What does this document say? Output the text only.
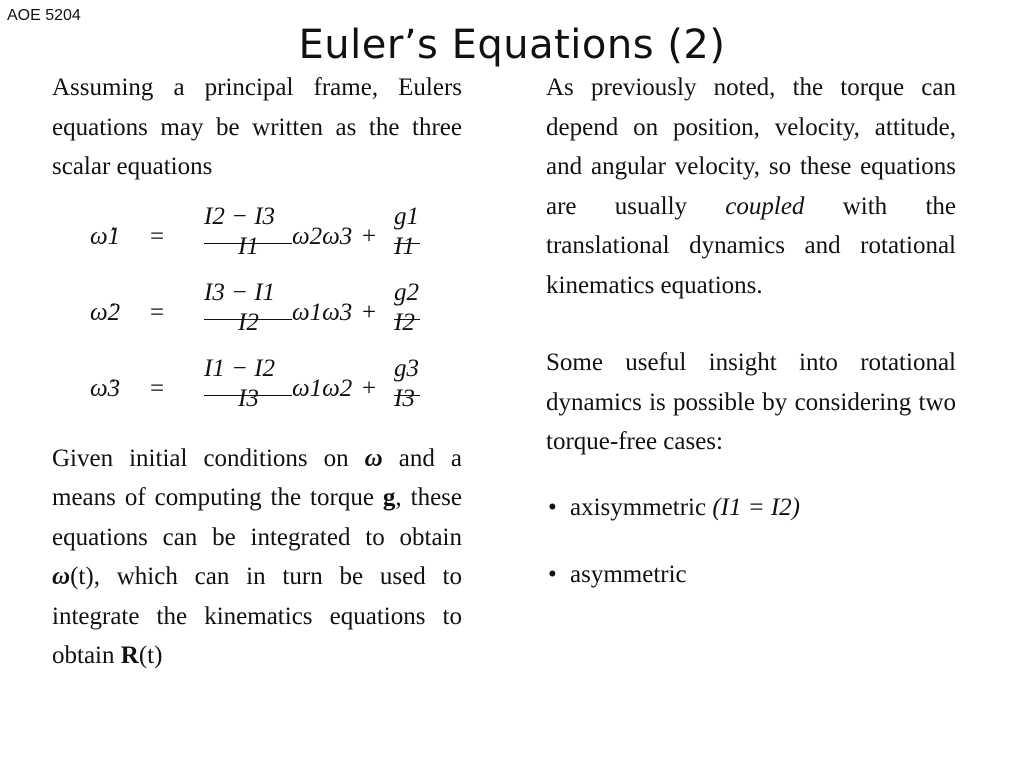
AOE 5204
Euler’s Equations (2)

Assuming a principal frame, Eulers equations may be written as the three scalar equations

ω̇1 =
I2 − I3
I1 ω2ω3 +
g1
I1
ω̇2 =
I3 − I1
I2 ω1ω3 +
g2
I2
ω̇3 =
I1 − I2
I3 ω1ω2 +
g3
I3

Given initial conditions on ω and a means of computing the torque g, these equations can be integrated to obtain ω(t), which can in turn be used to integrate the kinematics equations to obtain R(t)

As previously noted, the torque can depend on position, velocity, attitude, and angular velocity, so these equations are usually coupled with the translational dynamics and rotational kinematics equations.

Some useful insight into rotational dynamics is possible by considering two torque-free cases:

• axisymmetric (I1 = I2)

• asymmetric
